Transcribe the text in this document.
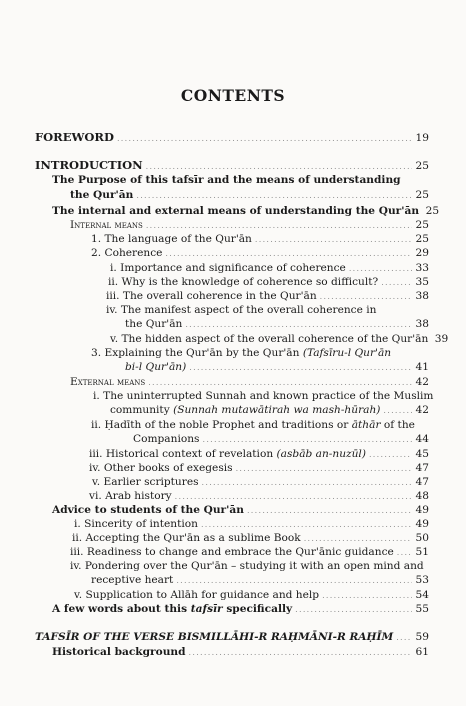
CONTENTS
FOREWORD .....	19
INTRODUCTION .....	25
The Purpose of this tafsīr and the means of understanding
the Qur'ān .....	25
The internal and external means of understanding the Qur'ān 25
Internal means .....	25
1. The language of the Qur'ān .....	25
2. Coherence .....	29
i. Importance and significance of coherence .....	33
ii. Why is the knowledge of coherence so difficult? .....	35
iii. The overall coherence in the Qur'ān .....	38
iv. The manifest aspect of the overall coherence in
the Qur'ān .....	38
v. The hidden aspect of the overall coherence of the Qur'ān 39
3. Explaining the Qur'ān by the Qur'ān (Tafsīru-l Qur'ān
bi-l Qur'ān) .....	41
External means .....	42
i. The uninterrupted Sunnah and known practice of the Muslim
community (Sunnah mutawātirah wa mash-hūrah) .....	42
ii. Ḥadīth of the noble Prophet and traditions or āthār of the
Companions .....	44
iii. Historical context of revelation (asbāb an-nuzūl) .....	45
iv. Other books of exegesis .....	47
v. Earlier scriptures .....	47
vi. Arab history .....	48
Advice to students of the Qur'ān .....	49
i. Sincerity of intention .....	49
ii. Accepting the Qur'ān as a sublime Book .....	50
iii. Readiness to change and embrace the Qur'ānic guidance ..... 51
iv. Pondering over the Qur'ān – studying it with an open mind and
receptive heart .....	53
v. Supplication to Allāh for guidance and help .....	54
A few words about this tafsīr specifically .....	55
TAFSĪR OF THE VERSE BISMILLĀHI-R RAḤMĀNI-R RAḤĪM ..... 59
Historical background .....	61
